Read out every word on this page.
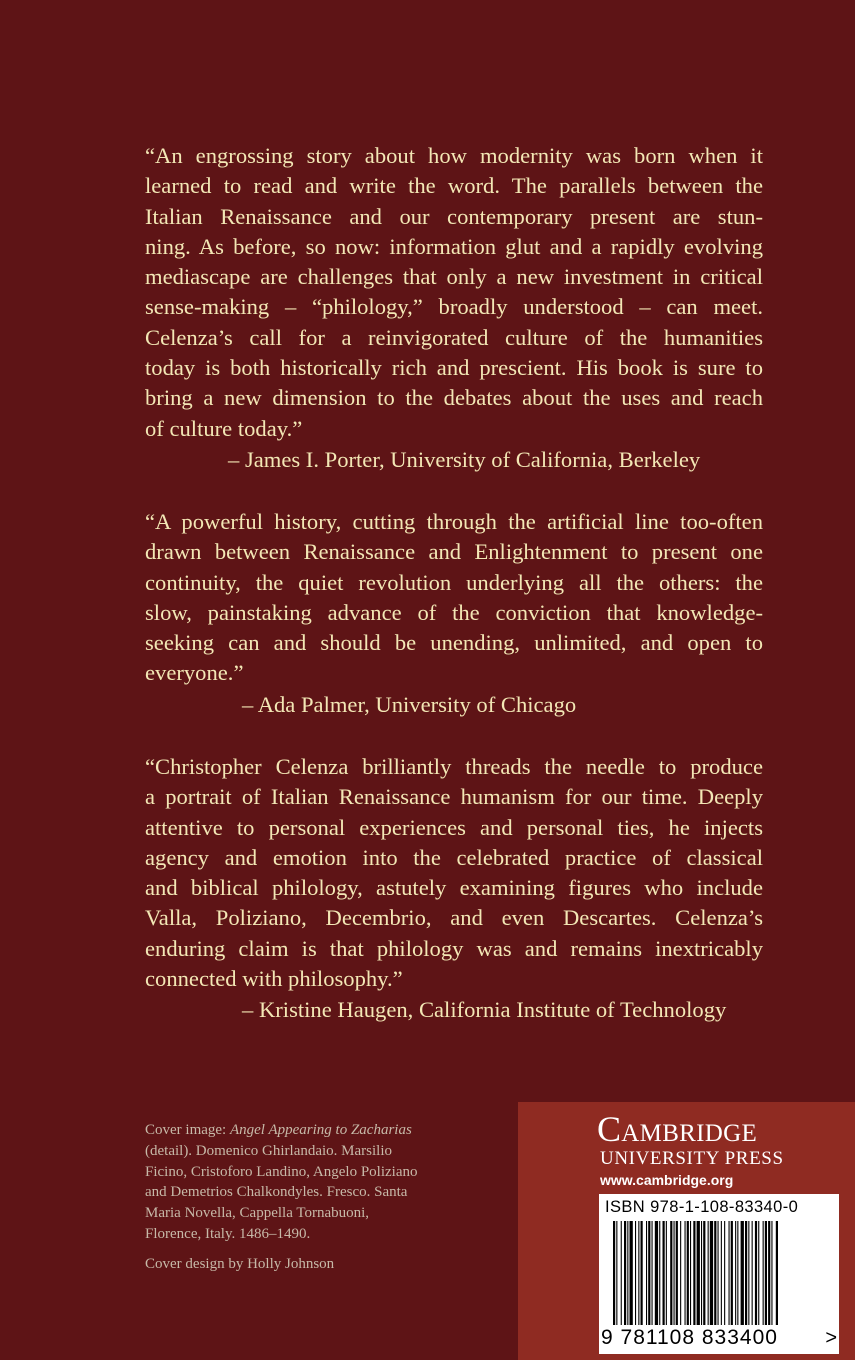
“An engrossing story about how modernity was born when it

learned to read and write the word. The parallels between the

Italian Renaissance and our contemporary present are stun-

ning. As before, so now: information glut and a rapidly evolving

mediascape are challenges that only a new investment in critical

sense-making – “philology,” broadly understood – can meet.

Celenza’s call for a reinvigorated culture of the humanities

today is both historically rich and prescient. His book is sure to

bring a new dimension to the debates about the uses and reach

of culture today.”

– James I. Porter, University of California, Berkeley

“A powerful history, cutting through the artificial line too-often

drawn between Renaissance and Enlightenment to present one

continuity, the quiet revolution underlying all the others: the

slow, painstaking advance of the conviction that knowledge-

seeking can and should be unending, unlimited, and open to

everyone.”

– Ada Palmer, University of Chicago

“Christopher Celenza brilliantly threads the needle to produce

a portrait of Italian Renaissance humanism for our time. Deeply

attentive to personal experiences and personal ties, he injects

agency and emotion into the celebrated practice of classical

and biblical philology, astutely examining figures who include

Valla, Poliziano, Decembrio, and even Descartes. Celenza’s

enduring claim is that philology was and remains inextricably

connected with philosophy.”

– Kristine Haugen, California Institute of Technology

Cover image: Angel Appearing to Zacharias

(detail). Domenico Ghirlandaio. Marsilio

Ficino, Cristoforo Landino, Angelo Poliziano

and Demetrios Chalkondyles. Fresco. Santa

Maria Novella, Cappella Tornabuoni,

Florence, Italy. 1486–1490.

Cover design by Holly Johnson

Cambridge
UNIVERSITY PRESS
www.cambridge.org
ISBN 978-1-108-83340-0
9 781108 833400	>
